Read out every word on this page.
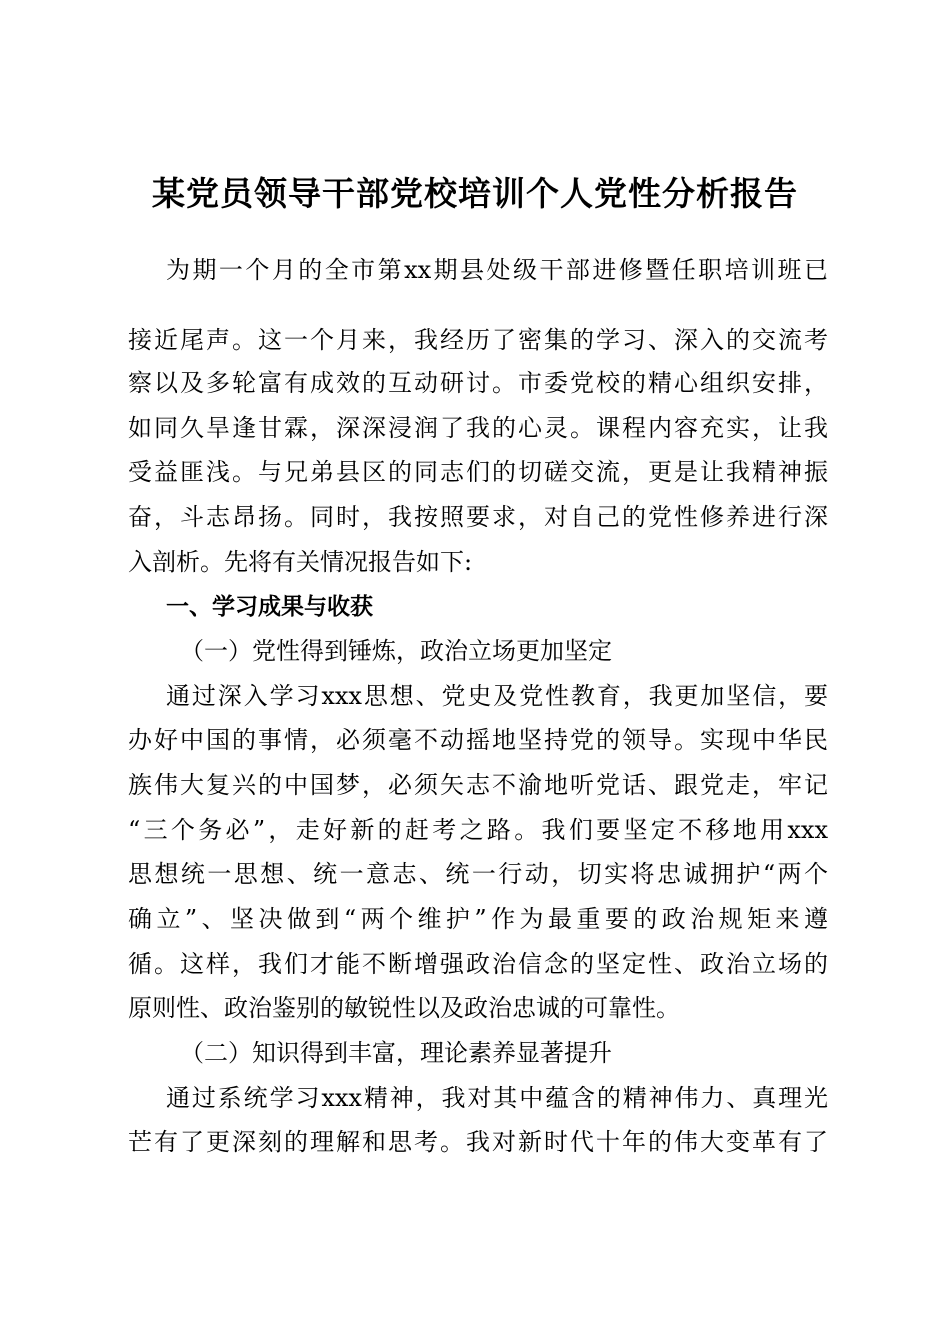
某党员领导干部党校培训个人党性分析报告
为期一个月的全市第xx期县处级干部进修暨任职培训班已
接近尾声。这一个月来，我经历了密集的学习、深入的交流考
察以及多轮富有成效的互动研讨。市委党校的精心组织安排，
如同久旱逢甘霖，深深浸润了我的心灵。课程内容充实，让我
受益匪浅。与兄弟县区的同志们的切磋交流，更是让我精神振
奋，斗志昂扬。同时，我按照要求，对自己的党性修养进行深
入剖析。先将有关情况报告如下:
一、学习成果与收获
（一）党性得到锤炼，政治立场更加坚定
通过深入学习xxx思想、党史及党性教育，我更加坚信，要
办好中国的事情，必须毫不动摇地坚持党的领导。实现中华民
族伟大复兴的中国梦，必须矢志不渝地听党话、跟党走，牢记
“三个务必”，走好新的赶考之路。我们要坚定不移地用xxx
思想统一思想、统一意志、统一行动，切实将忠诚拥护“两个
确立”、坚决做到“两个维护”作为最重要的政治规矩来遵
循。这样，我们才能不断增强政治信念的坚定性、政治立场的
原则性、政治鉴别的敏锐性以及政治忠诚的可靠性。
（二）知识得到丰富，理论素养显著提升
通过系统学习xxx精神，我对其中蕴含的精神伟力、真理光
芒有了更深刻的理解和思考。我对新时代十年的伟大变革有了
